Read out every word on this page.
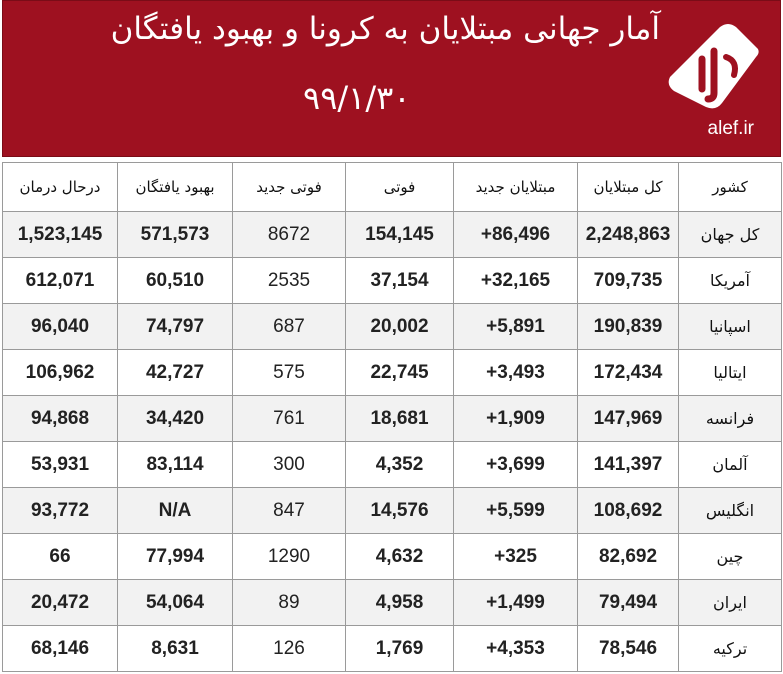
آمار جهانی مبتلایان به کرونا و بهبود یافتگان
۹۹/۱/۳۰
alef.ir
کشور	کل مبتلایان	مبتلایان جدید	فوتی	فوتی جدید	بهبود یافتگان	درحال درمان
کل جهان	2,248,863	+86,496	154,145	8672	571,573	1,523,145
آمریکا	709,735	+32,165	37,154	2535	60,510	612,071
اسپانیا	190,839	+5,891	20,002	687	74,797	96,040
ایتالیا	172,434	+3,493	22,745	575	42,727	106,962
فرانسه	147,969	+1,909	18,681	761	34,420	94,868
آلمان	141,397	+3,699	4,352	300	83,114	53,931
انگلیس	108,692	+5,599	14,576	847	N/A	93,772
چین	82,692	+325	4,632	1290	77,994	66
ایران	79,494	+1,499	4,958	89	54,064	20,472
ترکیه	78,546	+4,353	1,769	126	8,631	68,146
